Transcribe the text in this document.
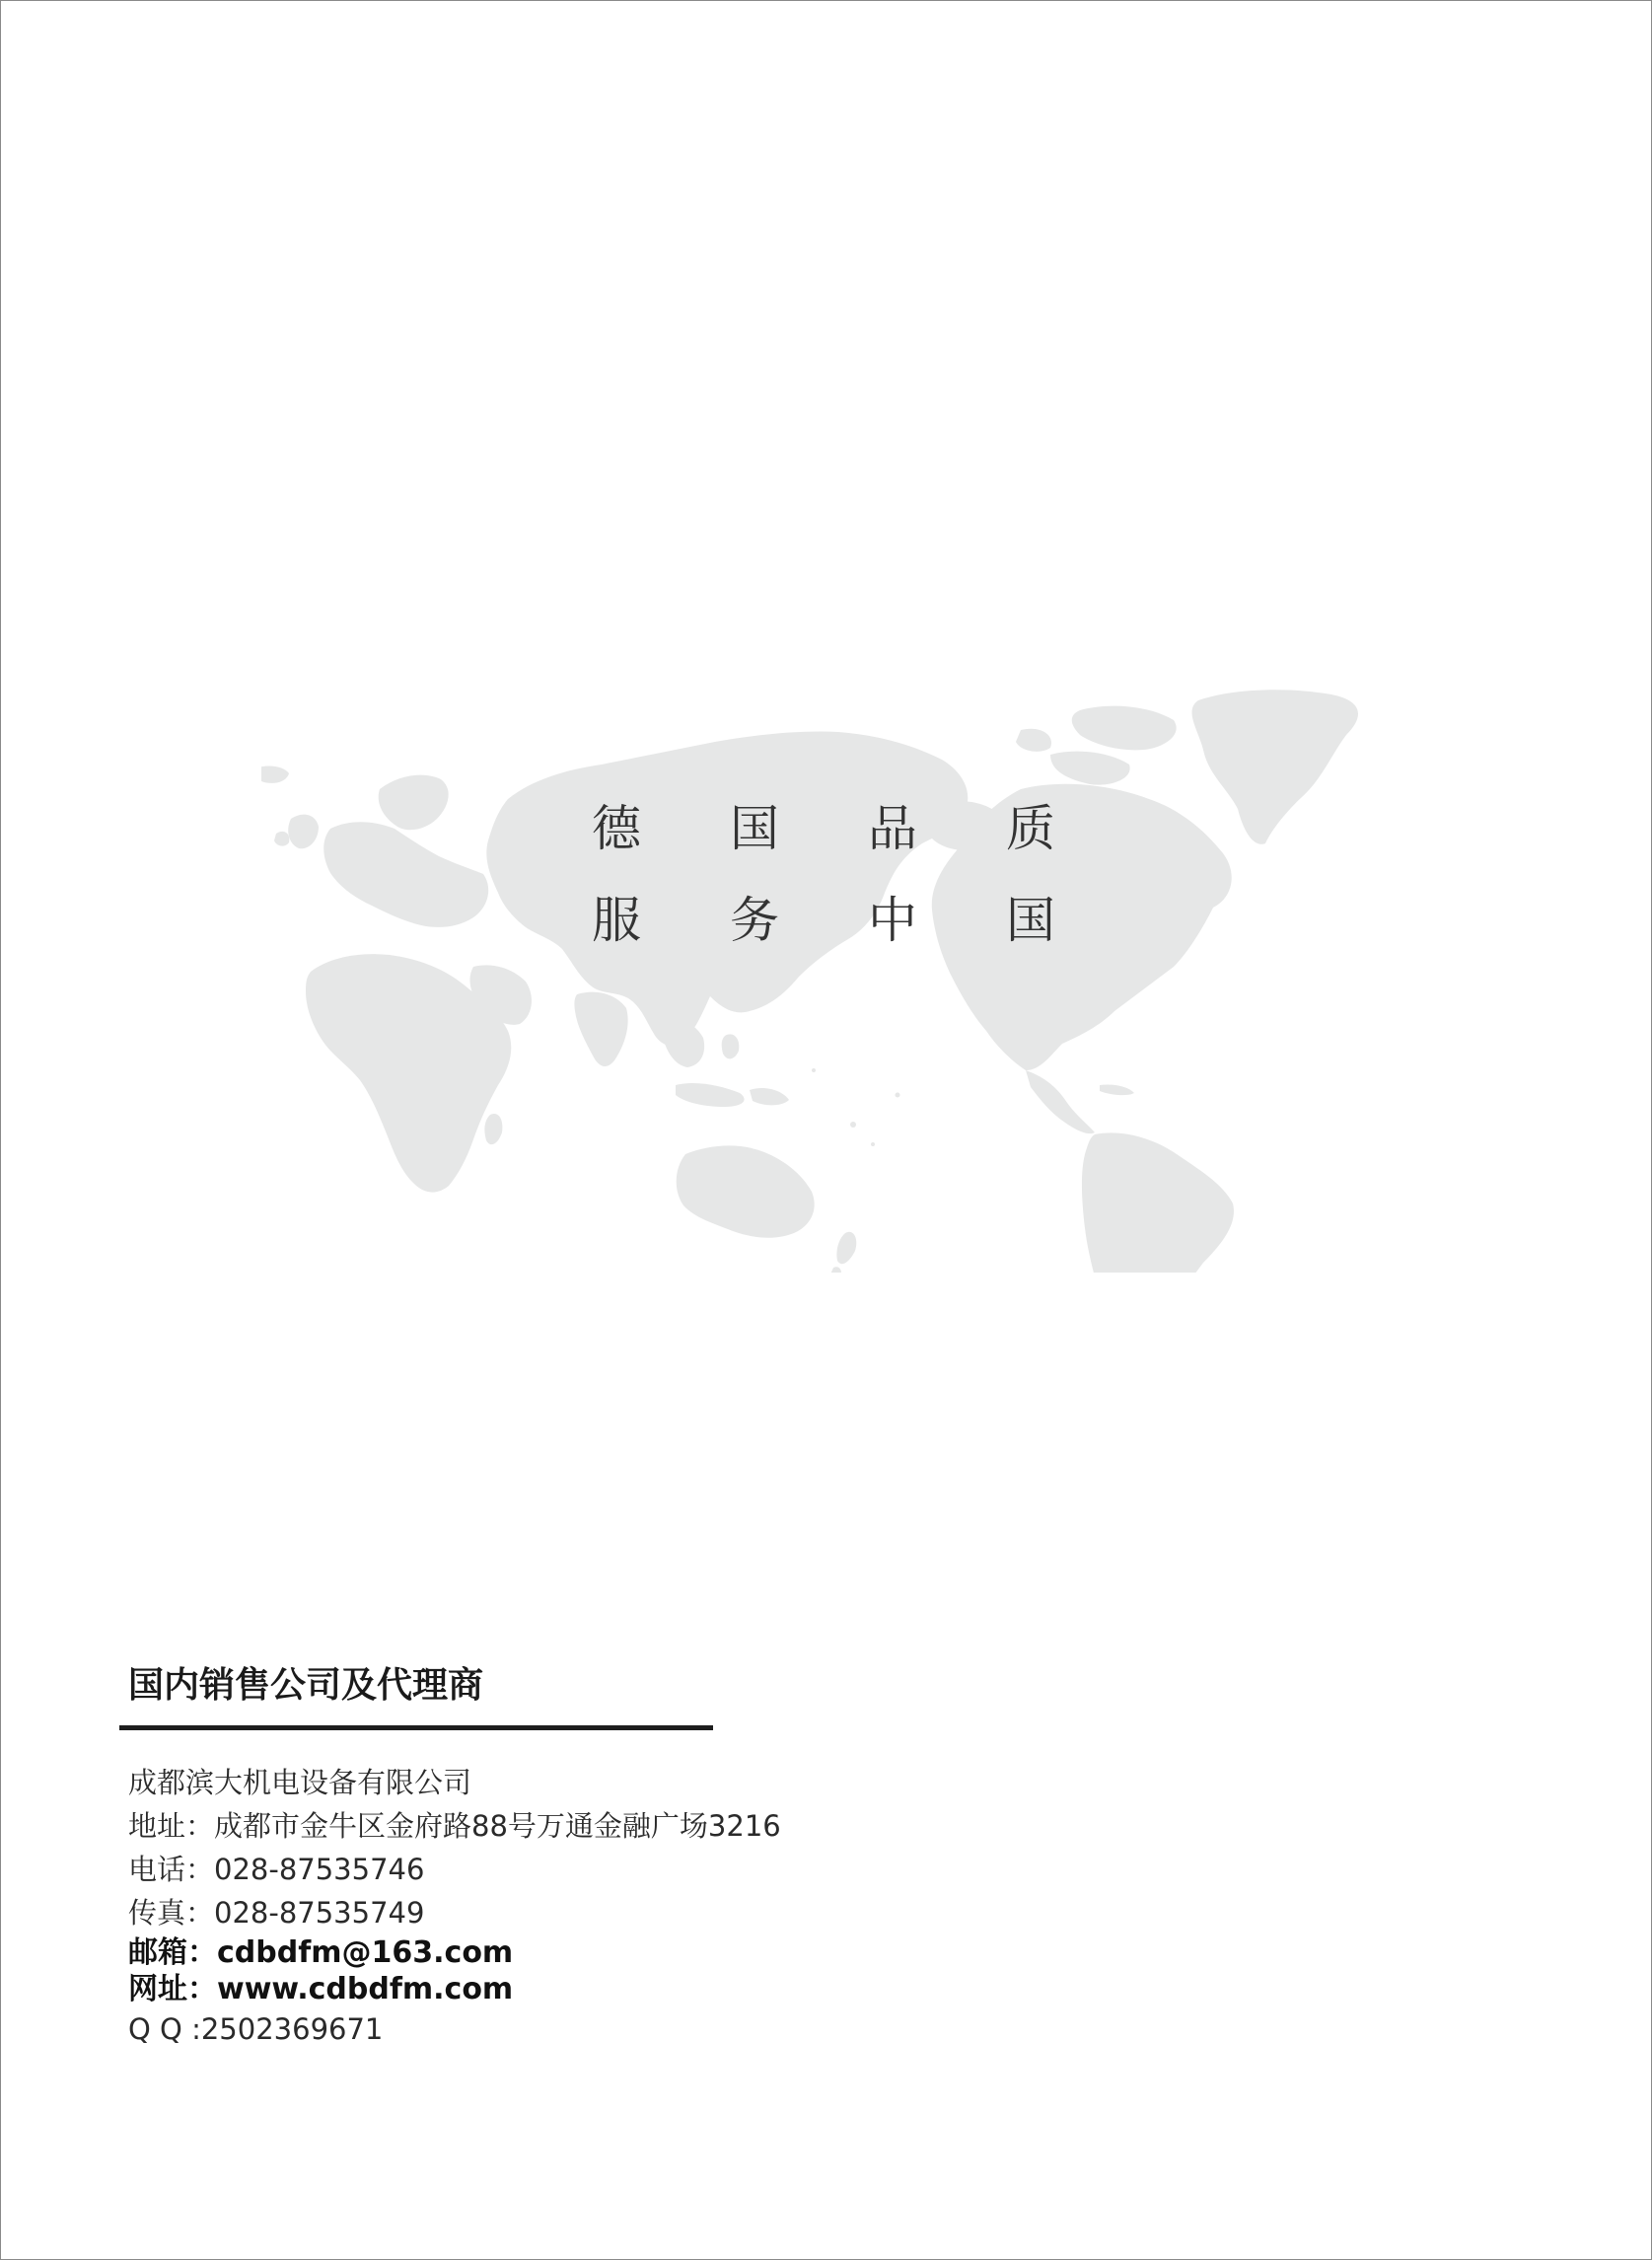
德 国 品 质
服 务 中 国
国内销售公司及代理商
成都滨大机电设备有限公司
地址：成都市金牛区金府路88号万通金融广场3216
电话：028-87535746
传真：028-87535749
邮箱：cdbdfm@163.com
网址：www.cdbdfm.com
Q Q :2502369671
